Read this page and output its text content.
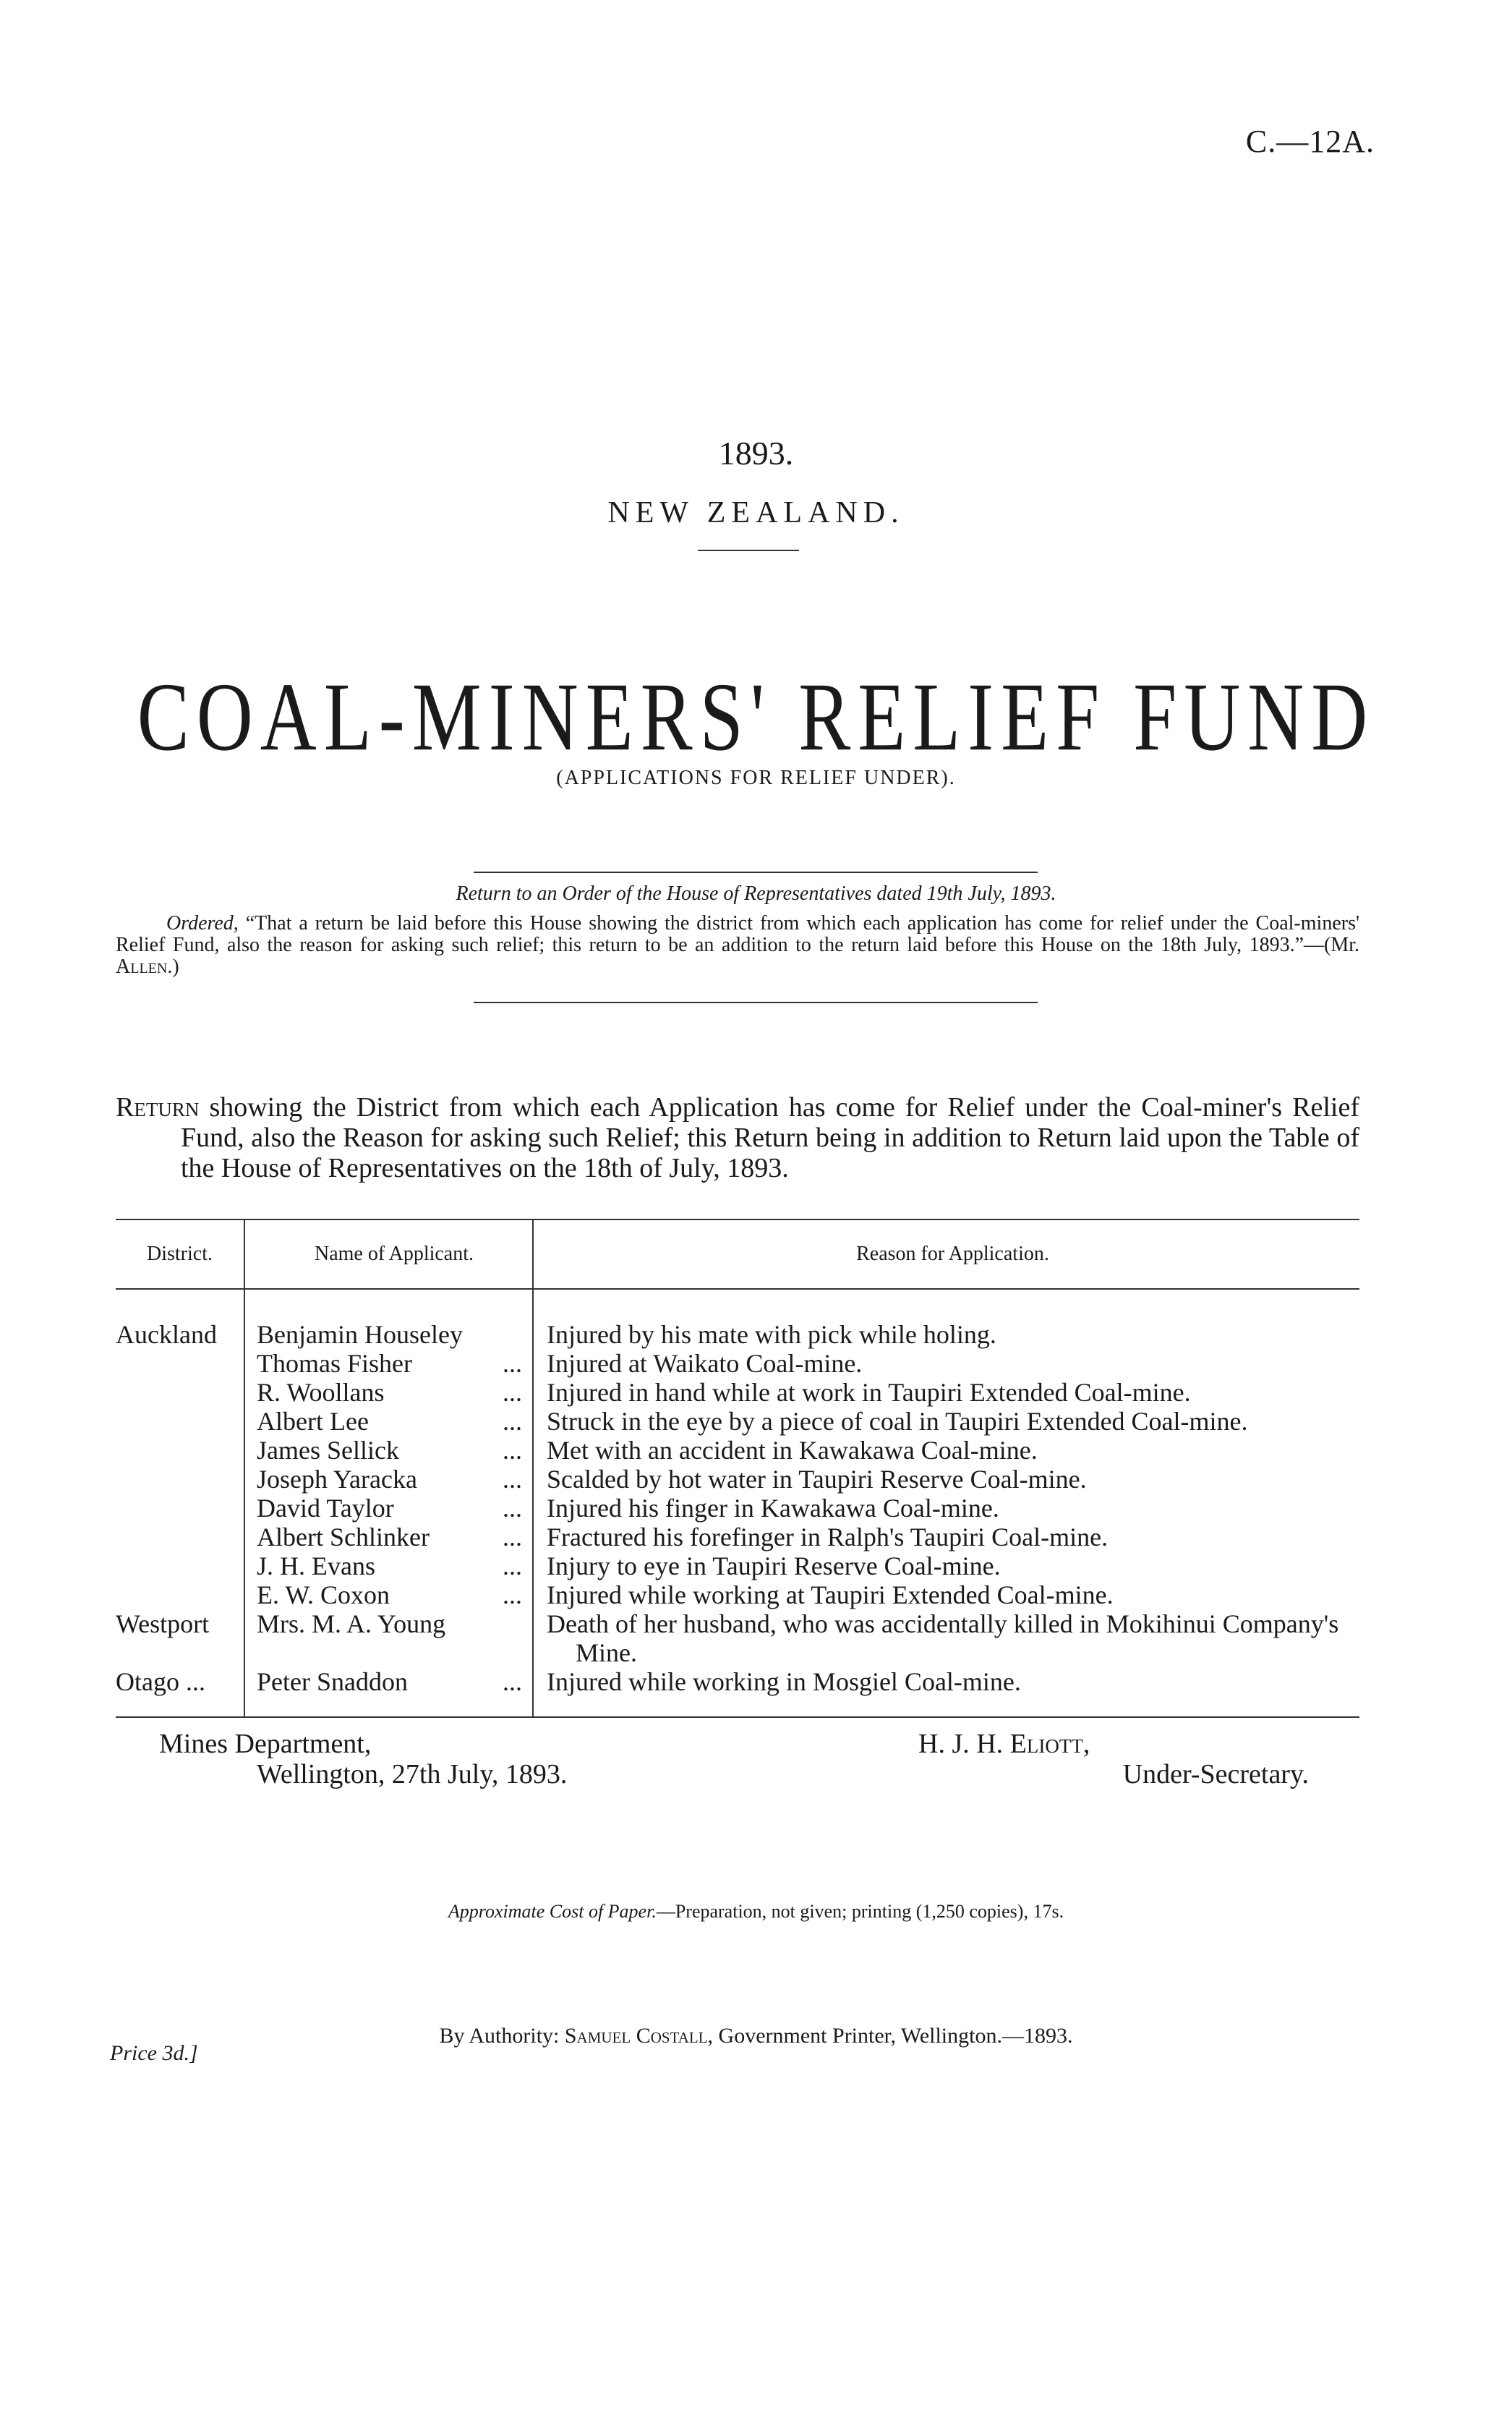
C.—12A.
1893.
NEW ZEALAND.
COAL-MINERS' RELIEF FUND
(APPLICATIONS FOR RELIEF UNDER).
Return to an Order of the House of Representatives dated 19th July, 1893.
Ordered, “That a return be laid before this House showing the district from which each application has come for relief under the Coal-miners' Relief Fund, also the reason for asking such relief; this return to be an addition to the return laid before this House on the 18th July, 1893.”—(Mr. Allen.)
Return showing the District from which each Application has come for Relief under the Coal-miner's Relief Fund, also the Reason for asking such Relief; this Return being in addition to Return laid upon the Table of the House of Representatives on the 18th of July, 1893.
District.	Name of Applicant.	Reason for Application.
Auckland	Benjamin Houseley	Injured by his mate with pick while holing.

	Thomas Fisher ...	Injured at Waikato Coal-mine.

	R. Woollans ...	Injured in hand while at work in Taupiri Extended Coal-mine.

	Albert Lee ...	Struck in the eye by a piece of coal in Taupiri Extended Coal-mine.

	James Sellick ...	Met with an accident in Kawakawa Coal-mine.

	Joseph Yaracka ...	Scalded by hot water in Taupiri Reserve Coal-mine.

	David Taylor ...	Injured his finger in Kawakawa Coal-mine.

	Albert Schlinker ...	Fractured his forefinger in Ralph's Taupiri Coal-mine.

	J. H. Evans ...	Injury to eye in Taupiri Reserve Coal-mine.

	E. W. Coxon ...	Injured while working at Taupiri Extended Coal-mine.

Westport	Mrs. M. A. Young	Death of her husband, who was accidentally killed in Mokihinui Company's Mine.

Otago ...	Peter Snaddon ...	Injured while working in Mosgiel Coal-mine.
Mines Department,
Wellington, 27th July, 1893.
H. J. H. Eliott,
Under-Secretary.
Approximate Cost of Paper.—Preparation, not given; printing (1,250 copies), 17s.
By Authority: Samuel Costall, Government Printer, Wellington.—1893.
Price 3d.]
